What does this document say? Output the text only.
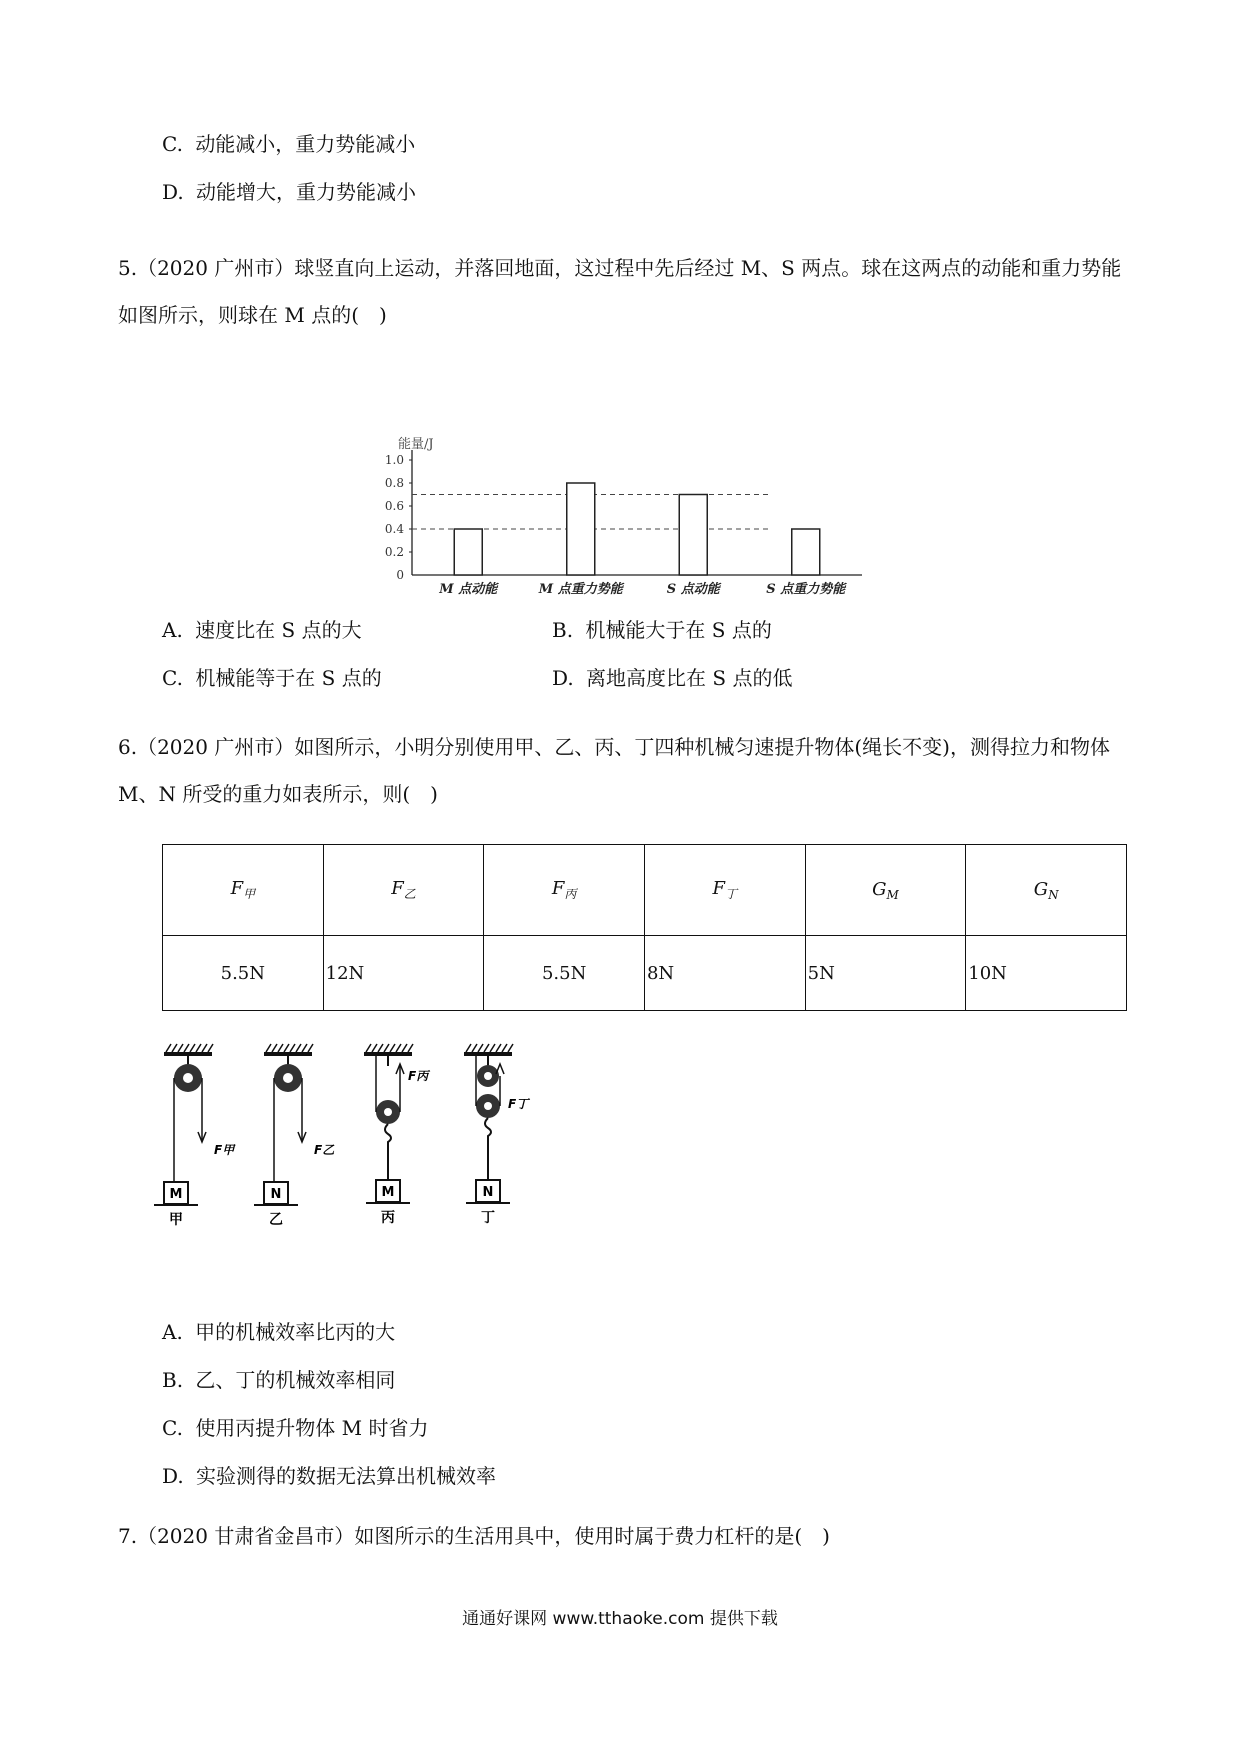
C. 动能减小，重力势能减小
D. 动能增大，重力势能减小
5.（2020 广州市）球竖直向上运动，并落回地面，这过程中先后经过 M、S 两点。球在这两点的动能和重力势能如图所示，则球在 M 点的(　)
能量/J
0
0.2
0.4
0.6
0.8
1.0
M 点动能	M 点重力势能	S 点动能	S 点重力势能
A. 速度比在 S 点的大	B. 机械能大于在 S 点的
C. 机械能等于在 S 点的	D. 离地高度比在 S 点的低
6.（2020 广州市）如图所示，小明分别使用甲、乙、丙、丁四种机械匀速提升物体(绳长不变)，测得拉力和物体 M、N 所受的重力如表所示，则(　)
$F_甲$	$F_乙$	$F_丙$	$F_丁$	$G_M$	$G_N$
5.5N	12N	5.5N	8N	5N	10N
F甲
M
甲
F乙
N
乙
F丙
M
丙
F丁
N
丁
A. 甲的机械效率比丙的大
B. 乙、丁的机械效率相同
C. 使用丙提升物体 M 时省力
D. 实验测得的数据无法算出机械效率
7.（2020 甘肃省金昌市）如图所示的生活用具中，使用时属于费力杠杆的是(　)
通通好课网 www.tthaoke.com 提供下载
